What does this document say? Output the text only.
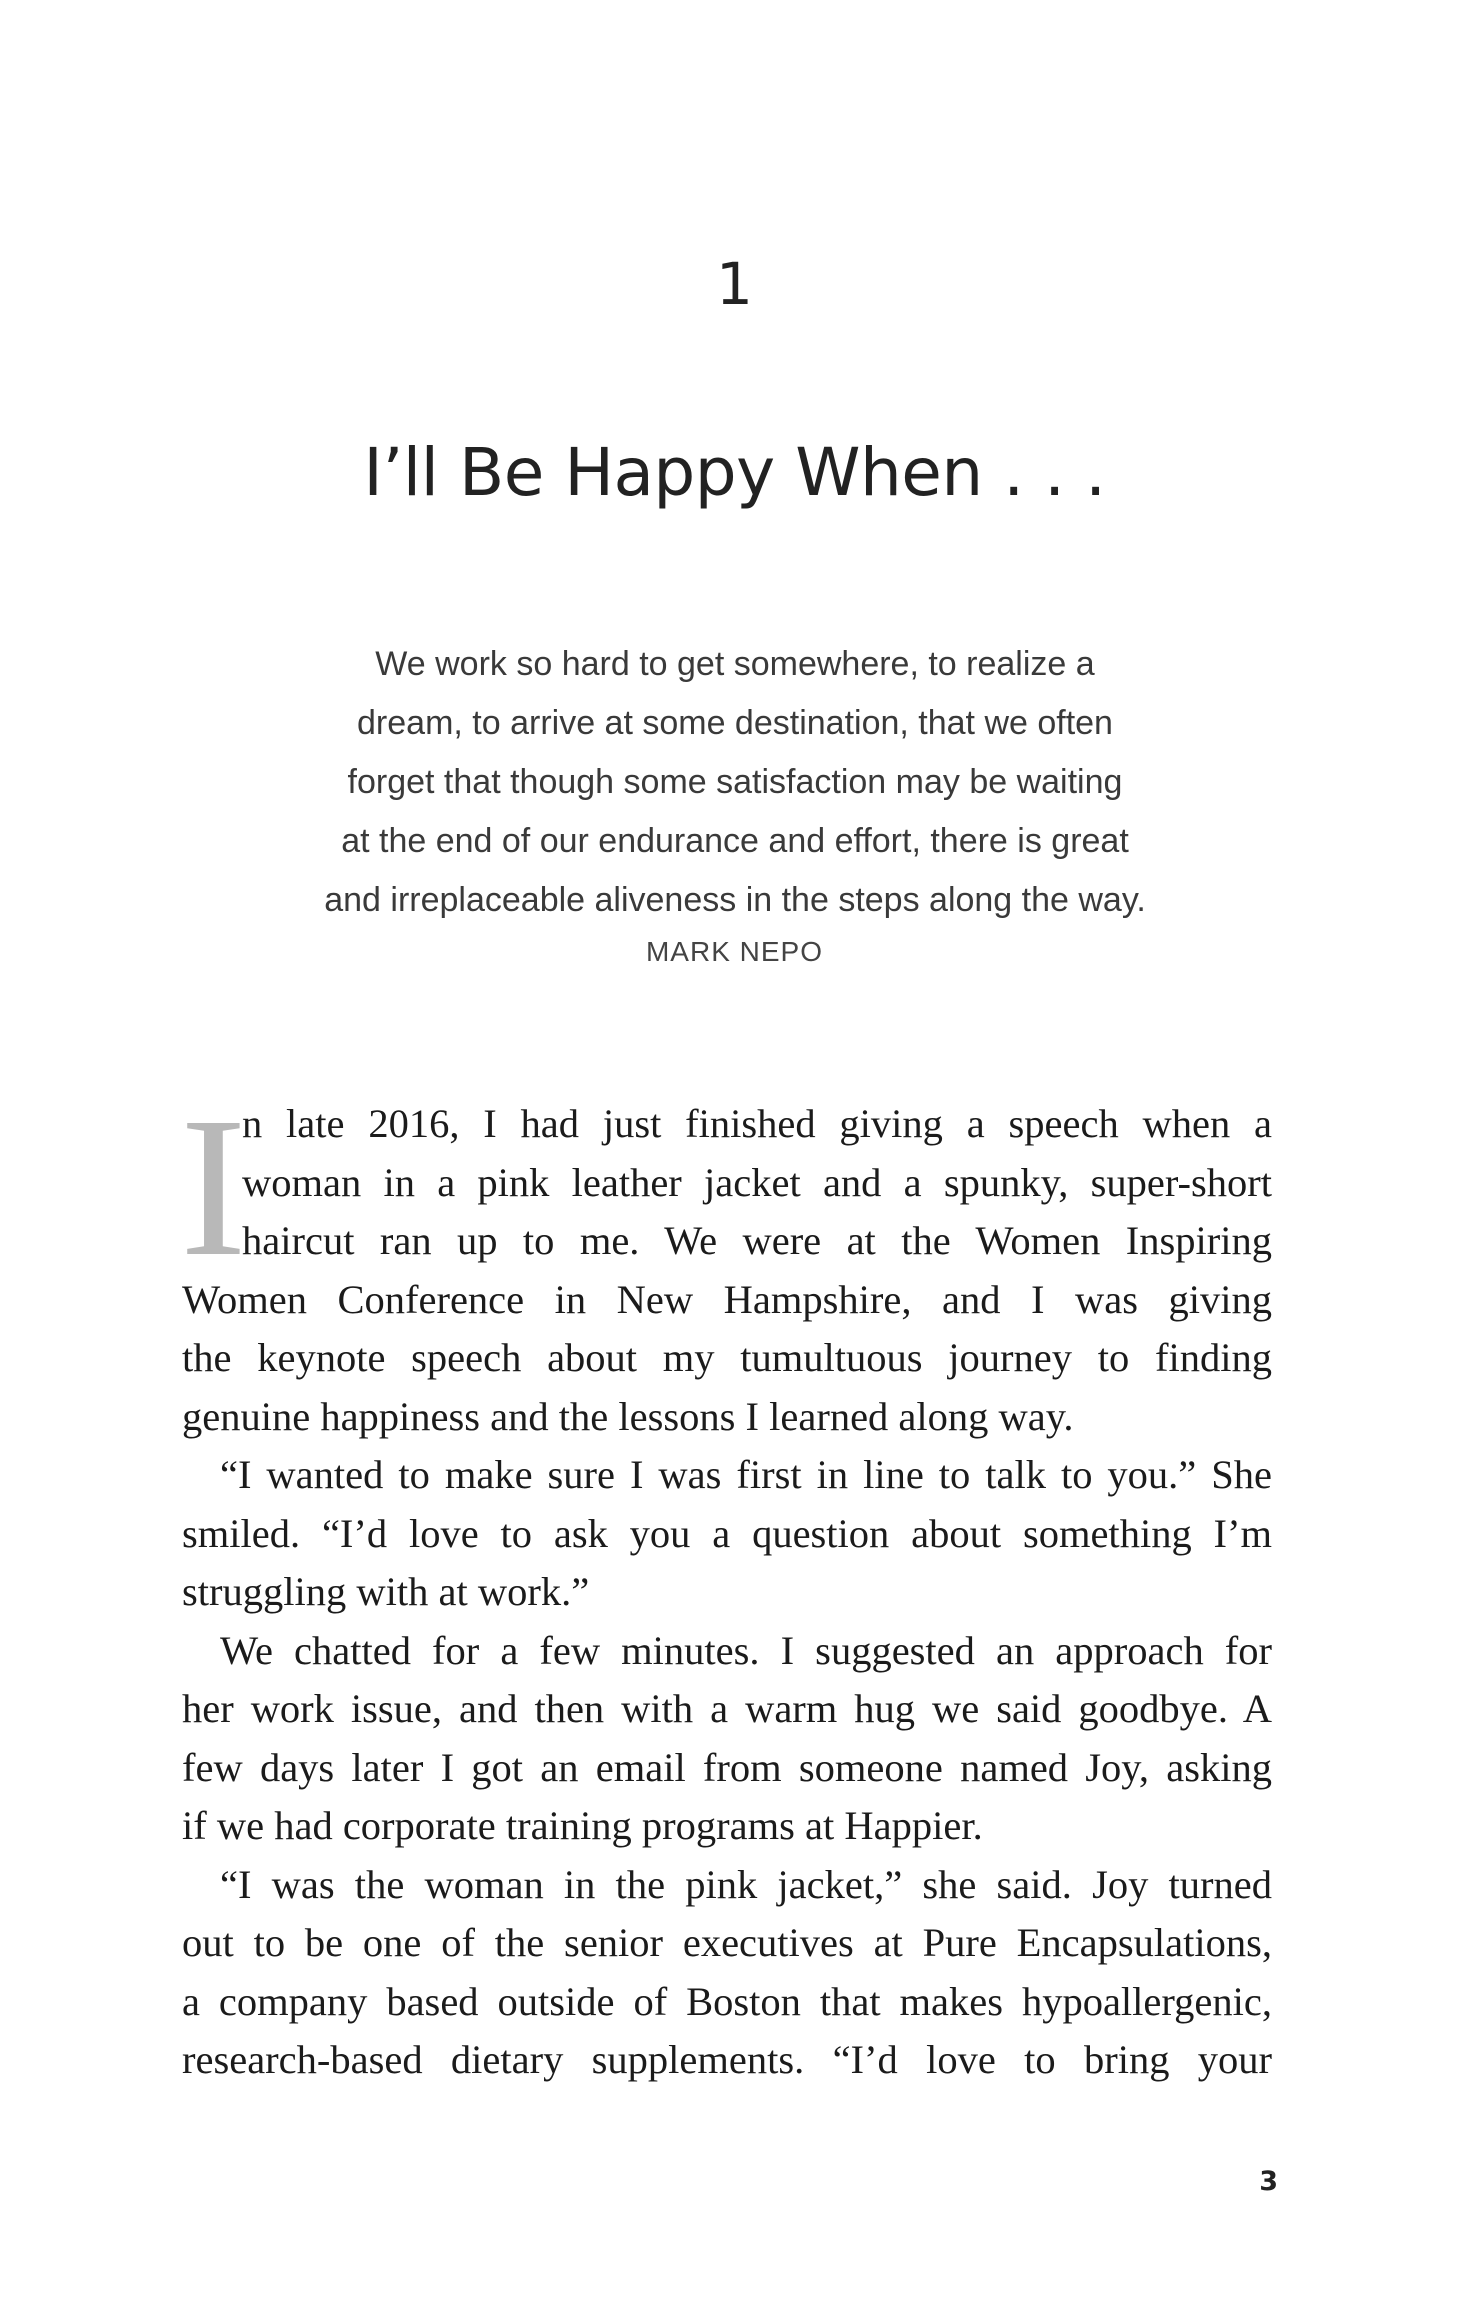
1
I’ll Be Happy When . . .
We work so hard to get somewhere, to realize a
dream, to arrive at some destination, that we often
forget that though some satisfaction may be waiting
at the end of our endurance and effort, there is great
and irreplaceable aliveness in the steps along the way.
MARK NEPO
I
n late 2016, I had just finished giving a speech when a
woman in a pink leather jacket and a spunky, super-short
haircut ran up to me. We were at the Women Inspiring
Women Conference in New Hampshire, and I was giving
the keynote speech about my tumultuous journey to finding
genuine happiness and the lessons I learned along way.
“I wanted to make sure I was first in line to talk to you.” She
smiled. “I’d love to ask you a question about something I’m
struggling with at work.”
We chatted for a few minutes. I suggested an approach for
her work issue, and then with a warm hug we said goodbye. A
few days later I got an email from someone named Joy, asking
if we had corporate training programs at Happier.
“I was the woman in the pink jacket,” she said. Joy turned
out to be one of the senior executives at Pure Encapsulations,
a company based outside of Boston that makes hypoallergenic,
research-based dietary supplements. “I’d love to bring your
3
